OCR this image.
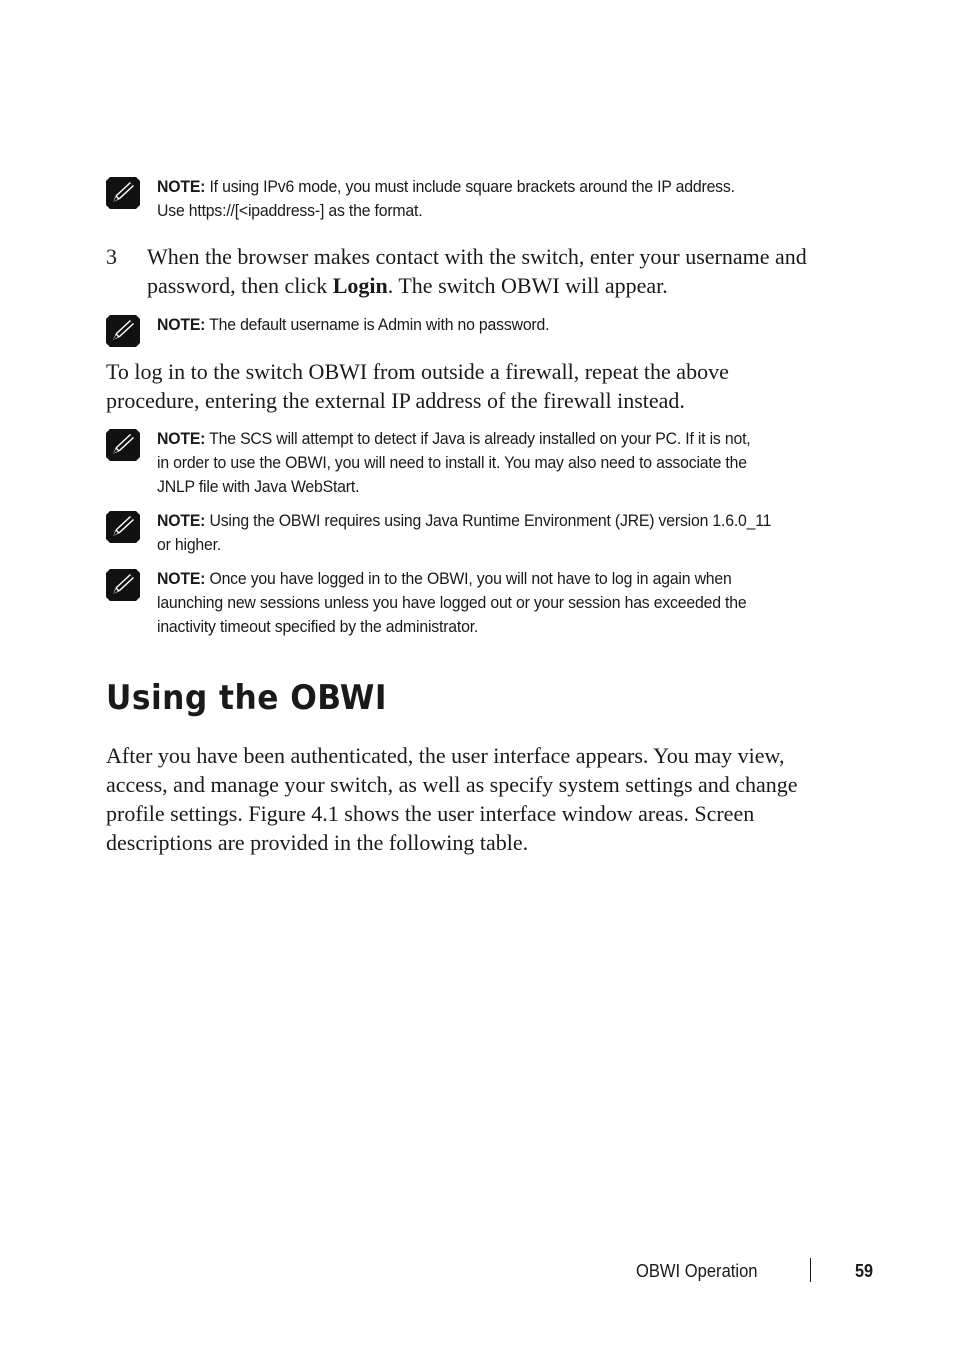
NOTE: If using IPv6 mode, you must include square brackets around the IP address.
Use https://[<ipaddress-] as the format.
3 When the browser makes contact with the switch, enter your username and
password, then click Login. The switch OBWI will appear.
NOTE: The default username is Admin with no password.
To log in to the switch OBWI from outside a firewall, repeat the above
procedure, entering the external IP address of the firewall instead.
NOTE: The SCS will attempt to detect if Java is already installed on your PC. If it is not,
in order to use the OBWI, you will need to install it. You may also need to associate the
JNLP file with Java WebStart.
NOTE: Using the OBWI requires using Java Runtime Environment (JRE) version 1.6.0_11
or higher.
NOTE: Once you have logged in to the OBWI, you will not have to log in again when
launching new sessions unless you have logged out or your session has exceeded the
inactivity timeout specified by the administrator.
Using the OBWI
After you have been authenticated, the user interface appears. You may view,
access, and manage your switch, as well as specify system settings and change
profile settings. Figure 4.1 shows the user interface window areas. Screen
descriptions are provided in the following table.
OBWI Operation	59
